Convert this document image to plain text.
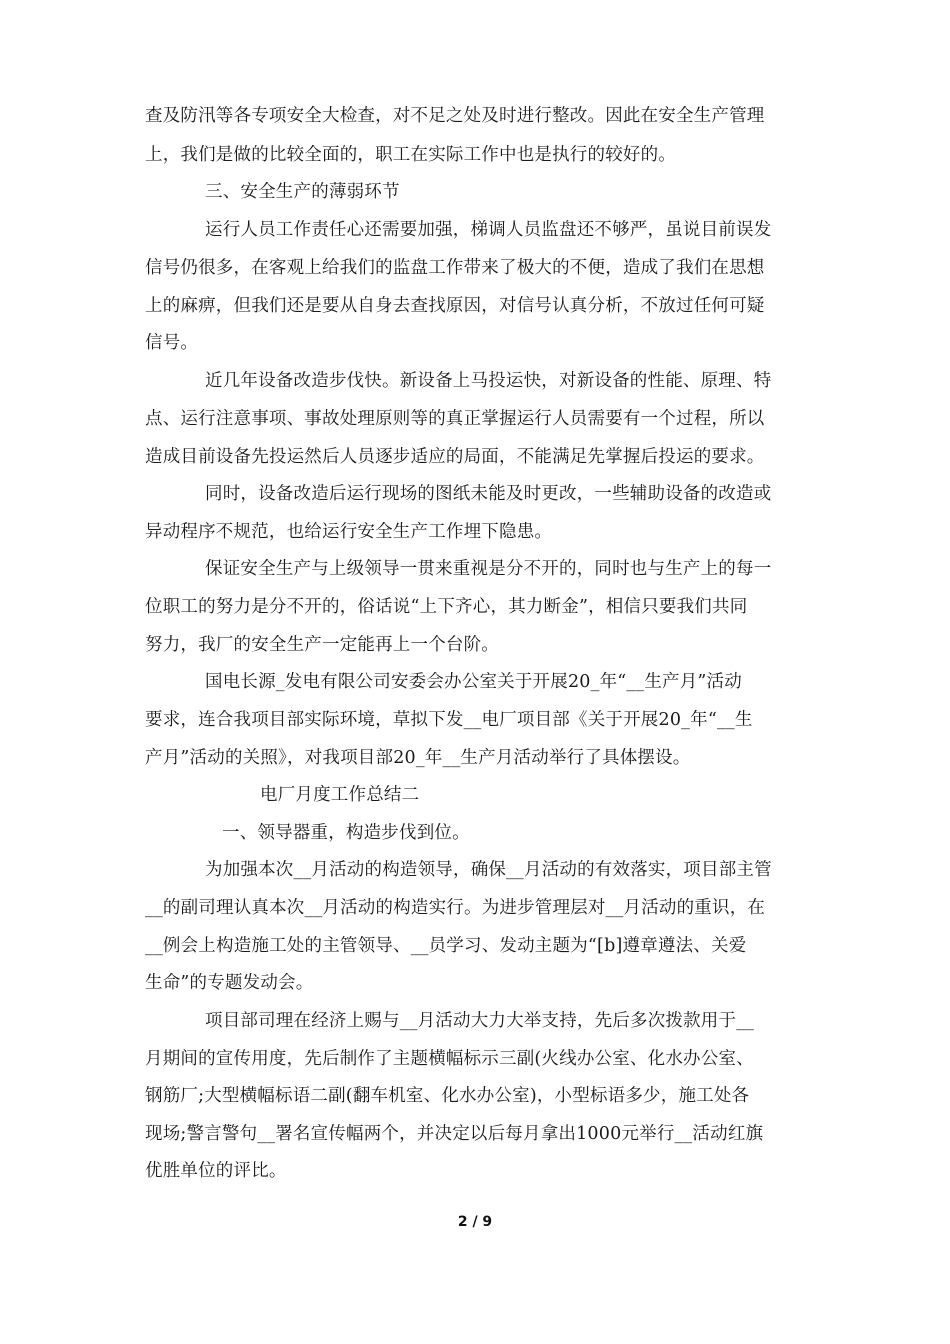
查及防汛等各专项安全大检查，对不足之处及时进行整改。因此在安全生产管理
上，我们是做的比较全面的，职工在实际工作中也是执行的较好的。
三、安全生产的薄弱环节
运行人员工作责任心还需要加强，梯调人员监盘还不够严，虽说目前误发
信号仍很多，在客观上给我们的监盘工作带来了极大的不便，造成了我们在思想
上的麻痹，但我们还是要从自身去查找原因，对信号认真分析，不放过任何可疑
信号。
近几年设备改造步伐快。新设备上马投运快，对新设备的性能、原理、特
点、运行注意事项、事故处理原则等的真正掌握运行人员需要有一个过程，所以
造成目前设备先投运然后人员逐步适应的局面，不能满足先掌握后投运的要求。
同时，设备改造后运行现场的图纸未能及时更改，一些辅助设备的改造或
异动程序不规范，也给运行安全生产工作埋下隐患。
保证安全生产与上级领导一贯来重视是分不开的，同时也与生产上的每一
位职工的努力是分不开的，俗话说“上下齐心，其力断金”，相信只要我们共同
努力，我厂的安全生产一定能再上一个台阶。
国电长源_发电有限公司安委会办公室关于开展20_年“__生产月”活动
要求，连合我项目部实际环境，草拟下发__电厂项目部《关于开展20_年“__生
产月”活动的关照》，对我项目部20_年__生产月活动举行了具体摆设。
电厂月度工作总结二
一、领导器重，构造步伐到位。
为加强本次__月活动的构造领导，确保__月活动的有效落实，项目部主管
__的副司理认真本次__月活动的构造实行。为进步管理层对__月活动的重识，在
__例会上构造施工处的主管领导、__员学习、发动主题为“[b]遵章遵法、关爱
生命”的专题发动会。
项目部司理在经济上赐与__月活动大力大举支持，先后多次拨款用于__
月期间的宣传用度，先后制作了主题横幅标示三副(火线办公室、化水办公室、
钢筋厂;大型横幅标语二副(翻车机室、化水办公室)，小型标语多少，施工处各
现场;警言警句__署名宣传幅两个，并决定以后每月拿出1000元举行__活动红旗
优胜单位的评比。
2 / 9
